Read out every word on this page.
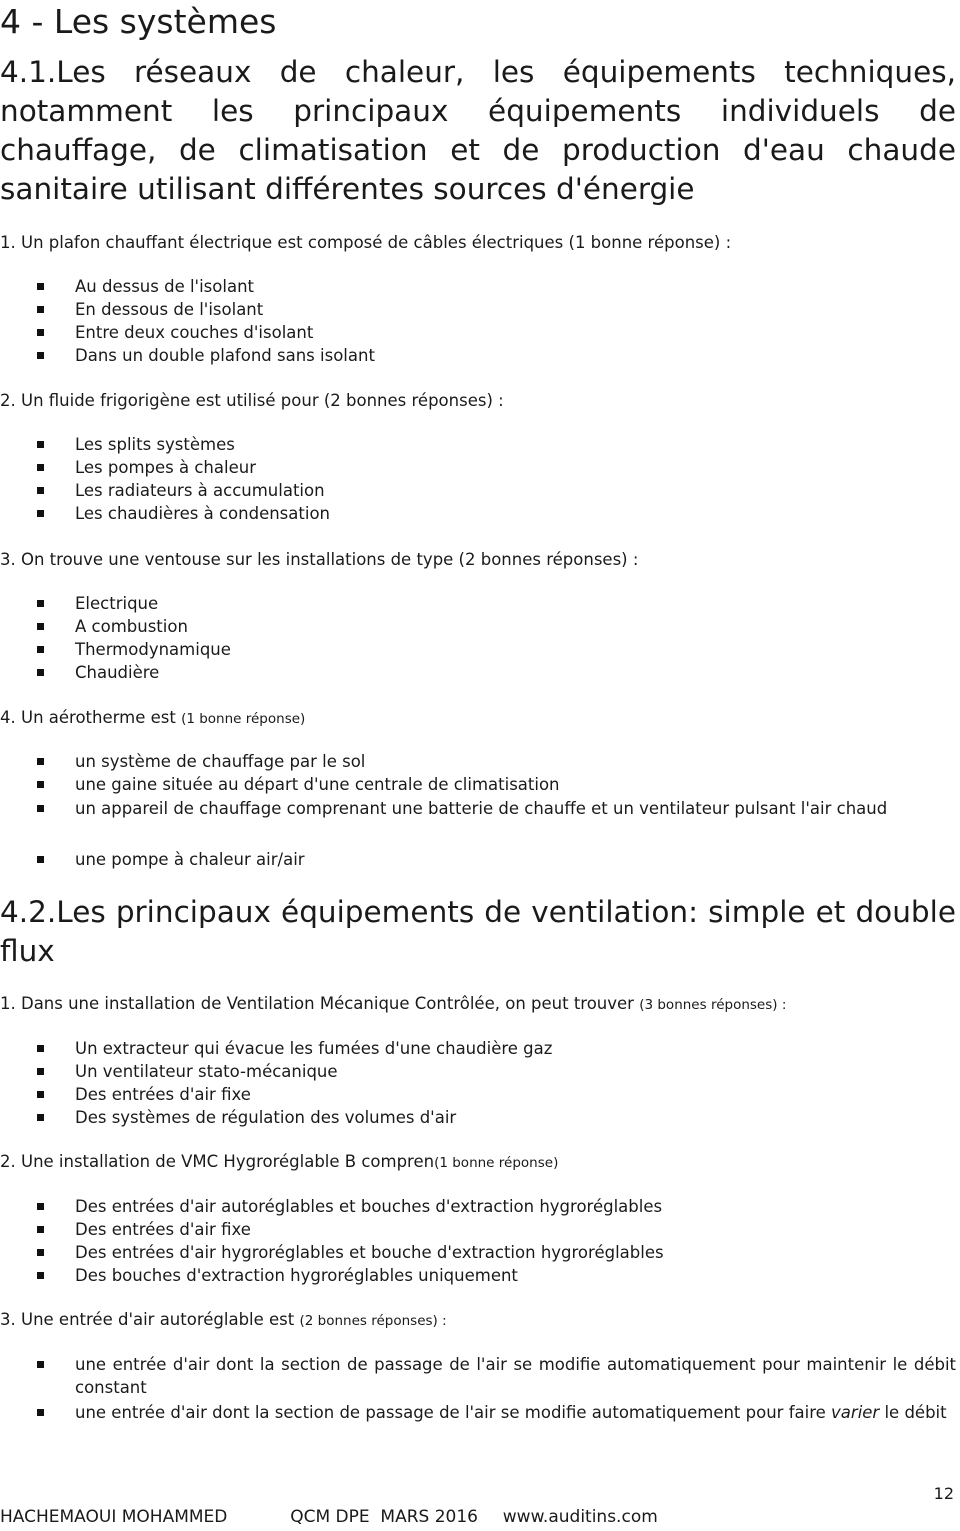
4 - Les systèmes
4.1.Les réseaux de chaleur, les équipements techniques, notamment les principaux équipements individuels de chauffage, de climatisation et de production d'eau chaude sanitaire utilisant différentes sources d'énergie
1. Un plafon chauffant électrique est composé de câbles électriques (1 bonne réponse) :
Au dessus de l'isolant
En dessous de l'isolant
Entre deux couches d'isolant
Dans un double plafond sans isolant
2. Un fluide frigorigène est utilisé pour (2 bonnes réponses) :
Les splits systèmes
Les pompes à chaleur
Les radiateurs à accumulation
Les chaudières à condensation
3. On trouve une ventouse sur les installations de type (2 bonnes réponses) :
Electrique
A combustion
Thermodynamique
Chaudière
4. Un aérotherme est (1 bonne réponse)
un système de chauffage par le sol
une gaine située au départ d'une centrale de climatisation
un appareil de chauffage comprenant une batterie de chauffe et un ventilateur pulsant l'air chaud
une pompe à chaleur air/air
4.2.Les principaux équipements de ventilation: simple et double flux
1. Dans une installation de Ventilation Mécanique Contrôlée, on peut trouver (3 bonnes réponses) :
Un extracteur qui évacue les fumées d'une chaudière gaz
Un ventilateur stato-mécanique
Des entrées d'air fixe
Des systèmes de régulation des volumes d'air
2. Une installation de VMC Hygroréglable B compren(1 bonne réponse)
Des entrées d'air autoréglables et bouches d'extraction hygroréglables
Des entrées d'air fixe
Des entrées d'air hygroréglables et bouche d'extraction hygroréglables
Des bouches d'extraction hygroréglables uniquement
3. Une entrée d'air autoréglable est (2 bonnes réponses) :
une entrée d'air dont la section de passage de l'air se modifie automatiquement pour maintenir le débit constant
une entrée d'air dont la section de passage de l'air se modifie automatiquement pour faire varier le débit
HACHEMAOUI MOHAMMED	QCM DPE  MARS 2016 www.auditins.com
12
